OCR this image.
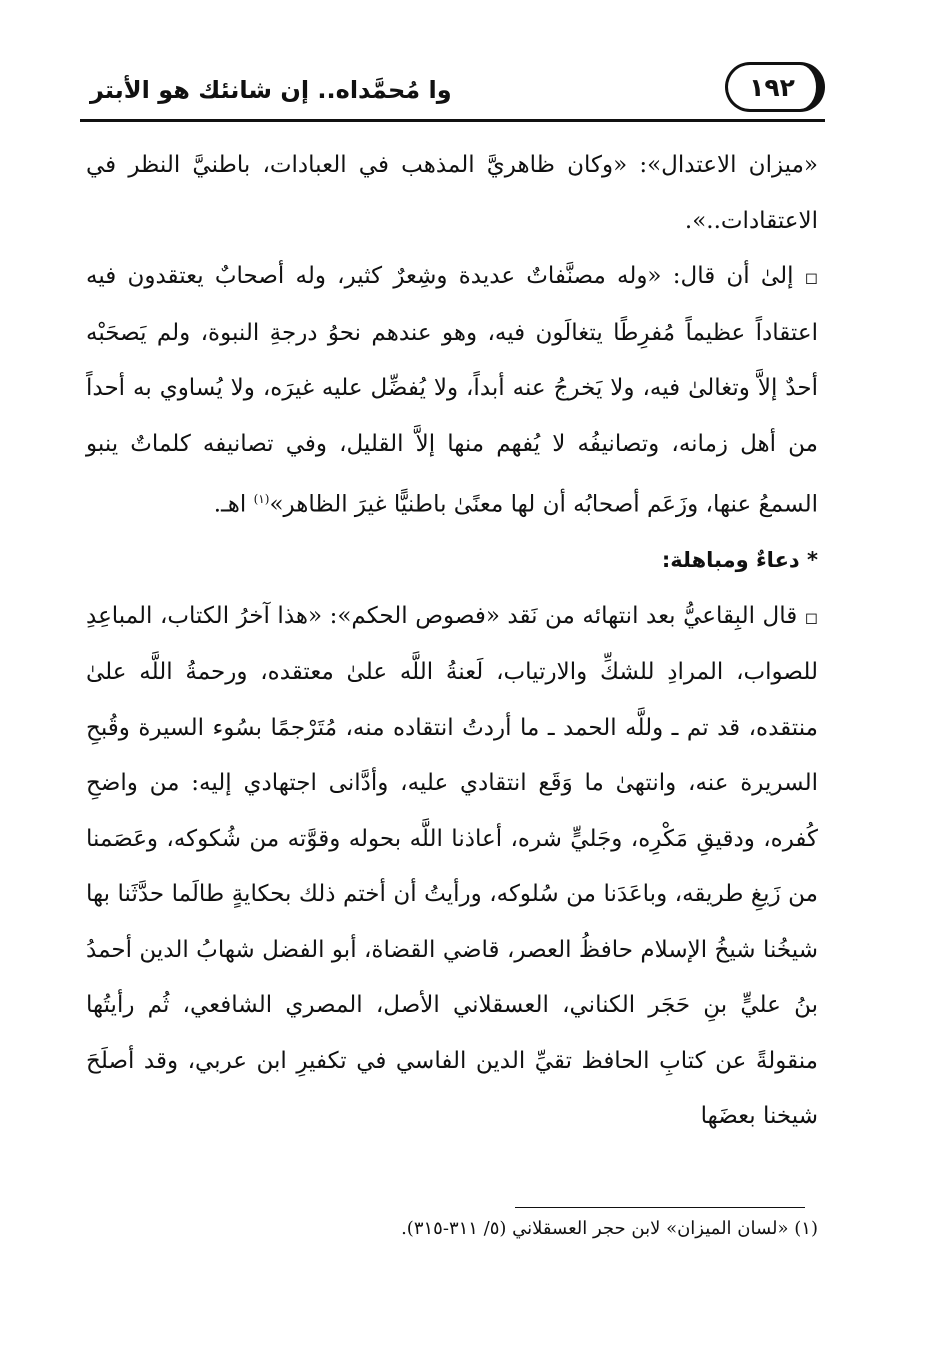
وا مُحمَّداه.. إن شانئك هو الأبتر	١٩٢

«ميزان الاعتدال»: «وكان ظاهريَّ المذهب في العبادات، باطنيَّ النظر في الاعتقادات..».

◻ إلىٰ أن قال: «وله مصنَّفاتٌ عديدة وشِعرٌ كثير، وله أصحابٌ يعتقدون فيه اعتقاداً عظيماً مُفرِطًا يتغالَون فيه، وهو عندهم نحوُ درجةِ النبوة، ولم يَصحَبْه أحدٌ إلاَّ وتغالىٰ فيه، ولا يَخرجُ عنه أبداً، ولا يُفضِّل عليه غيرَه، ولا يُساوي به أحداً من أهل زمانه، وتصانيفُه لا يُفهم منها إلاَّ القليل، وفي تصانيفه كلماتٌ ينبو السمعُ عنها، وزَعَم أصحابُه أن لها معنًىٰ باطنيًّا غيرَ الظاهر»$^{(١)}$ اهـ.

* دعاءٌ ومباهلة:

◻ قال البِقاعيُّ بعد انتهائه من نَقد «فصوص الحكم»: «هذا آخرُ الكتاب، المباعِدِ للصواب، المرادِ للشكِّ والارتياب، لَعنةُ اللَّه علىٰ معتقده، ورحمةُ اللَّه علىٰ منتقده، قد تم ـ وللَّه الحمد ـ ما أردتُ انتقاده منه، مُتَرْجمًا بسُوء السيرة وقُبحِ السريرة عنه، وانتهىٰ ما وَقَع انتقادي عليه، وأدَّانى اجتهادي إليه: من واضحِ كُفره، ودقيقِ مَكْرِه، وجَليٍّ شره، أعاذنا اللَّه بحوله وقوَّته من شُكوكه، وعَصَمنا من زَيغِ طريقه، وباعَدَنا من سُلوكه، ورأيتُ أن أختم ذلك بحكايةٍ طالَما حدَّثَنا بها شيخُنا شيخُ الإسلام حافظُ العصر، قاضي القضاة، أبو الفضل شهابُ الدين أحمدُ بنُ عليٍّ بنِ حَجَر الكناني، العسقلاني الأصل، المصري الشافعي، ثُم رأيتُها منقولةً عن كتابِ الحافظ تقيِّ الدين الفاسي في تكفيرِ ابن عربي، وقد أصلَحَ شيخنا بعضَها

(١) «لسان الميزان» لابن حجر العسقلاني (٥/ ٣١١-٣١٥).
